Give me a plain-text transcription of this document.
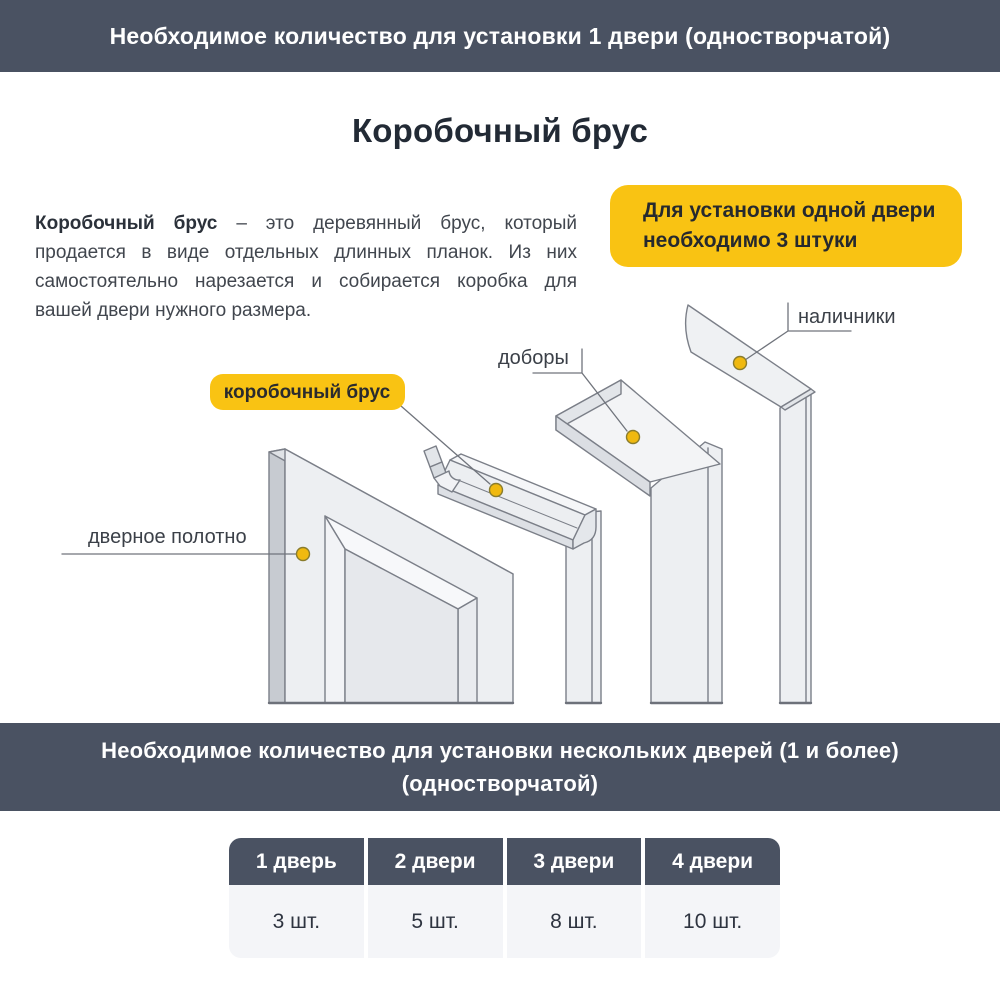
Необходимое количество для установки 1 двери (одностворчатой)
Коробочный брус

Коробочный брус – это деревянный брус, который продается в виде отдельных длинных планок. Из них самостоятельно нарезается и собирается коробка для вашей двери нужного размера.

Для установки одной двери необходимо 3 штуки
коробочный брус
дверное полотно
доборы
наличники
Необходимое количество для установки нескольких дверей (1 и более)
(одностворчатой)
1 дверь
3 шт.
2 двери
5 шт.
3 двери
8 шт.
4 двери
10 шт.
